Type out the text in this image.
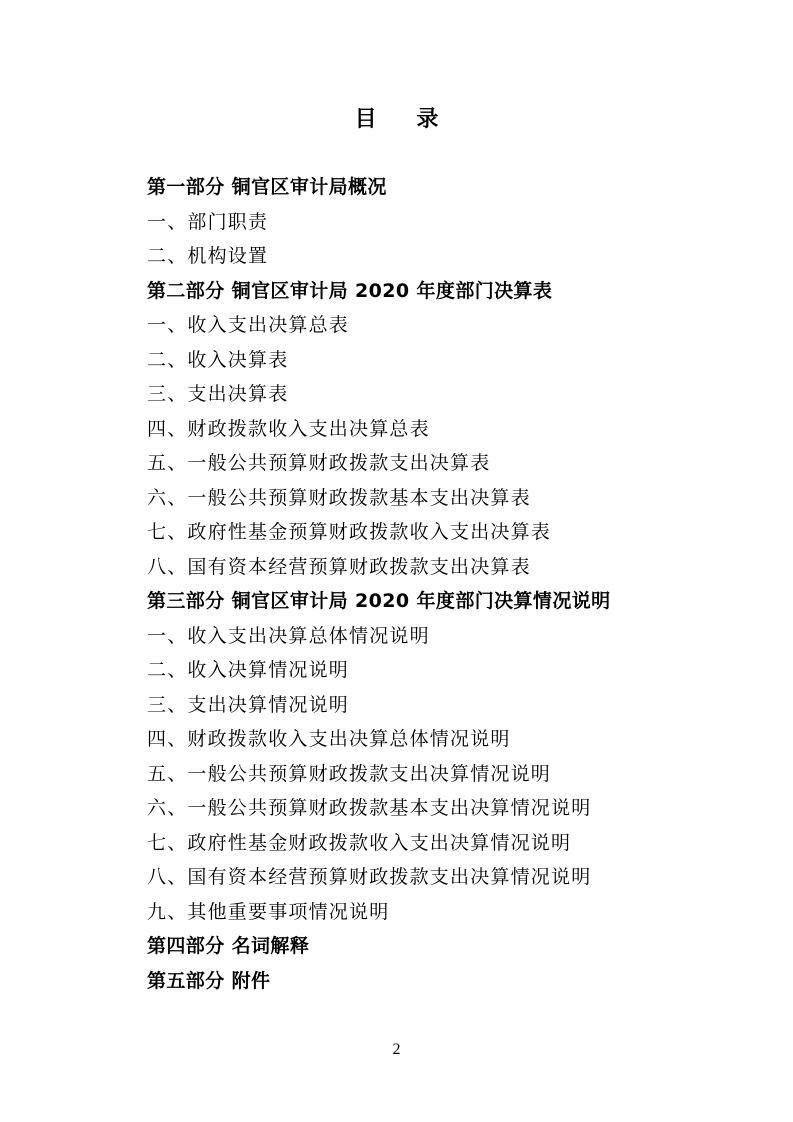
目 录
第一部分 铜官区审计局概况
一、部门职责
二、机构设置
第二部分 铜官区审计局 2020 年度部门决算表
一、收入支出决算总表
二、收入决算表
三、支出决算表
四、财政拨款收入支出决算总表
五、一般公共预算财政拨款支出决算表
六、一般公共预算财政拨款基本支出决算表
七、政府性基金预算财政拨款收入支出决算表
八、国有资本经营预算财政拨款支出决算表
第三部分 铜官区审计局 2020 年度部门决算情况说明
一、收入支出决算总体情况说明
二、收入决算情况说明
三、支出决算情况说明
四、财政拨款收入支出决算总体情况说明
五、一般公共预算财政拨款支出决算情况说明
六、一般公共预算财政拨款基本支出决算情况说明
七、政府性基金财政拨款收入支出决算情况说明
八、国有资本经营预算财政拨款支出决算情况说明
九、其他重要事项情况说明
第四部分 名词解释
第五部分 附件
2
